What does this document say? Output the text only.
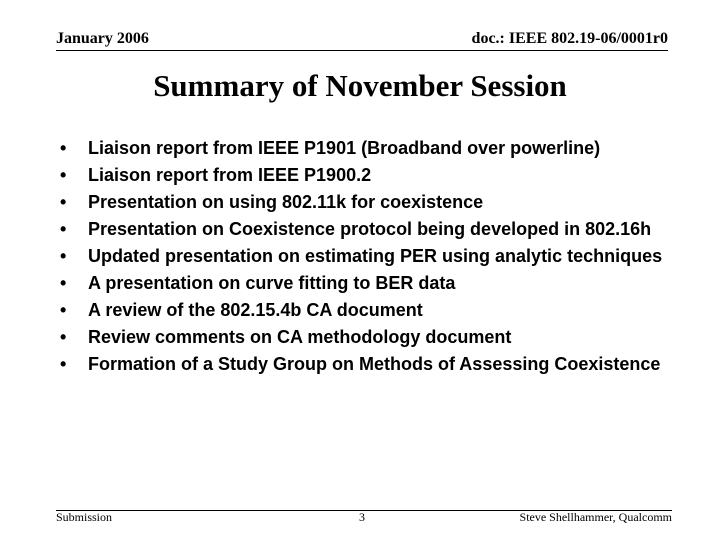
January 2006	doc.: IEEE 802.19-06/0001r0
Summary of November Session
• Liaison report from IEEE P1901 (Broadband over powerline)
• Liaison report from IEEE P1900.2
• Presentation on using 802.11k for coexistence
• Presentation on Coexistence protocol being developed in 802.16h
• Updated presentation on estimating PER using analytic techniques
• A presentation on curve fitting to BER data
• A review of the 802.15.4b CA document
• Review comments on CA methodology document
• Formation of a Study Group on Methods of Assessing Coexistence
Submission	3	Steve Shellhammer, Qualcomm
